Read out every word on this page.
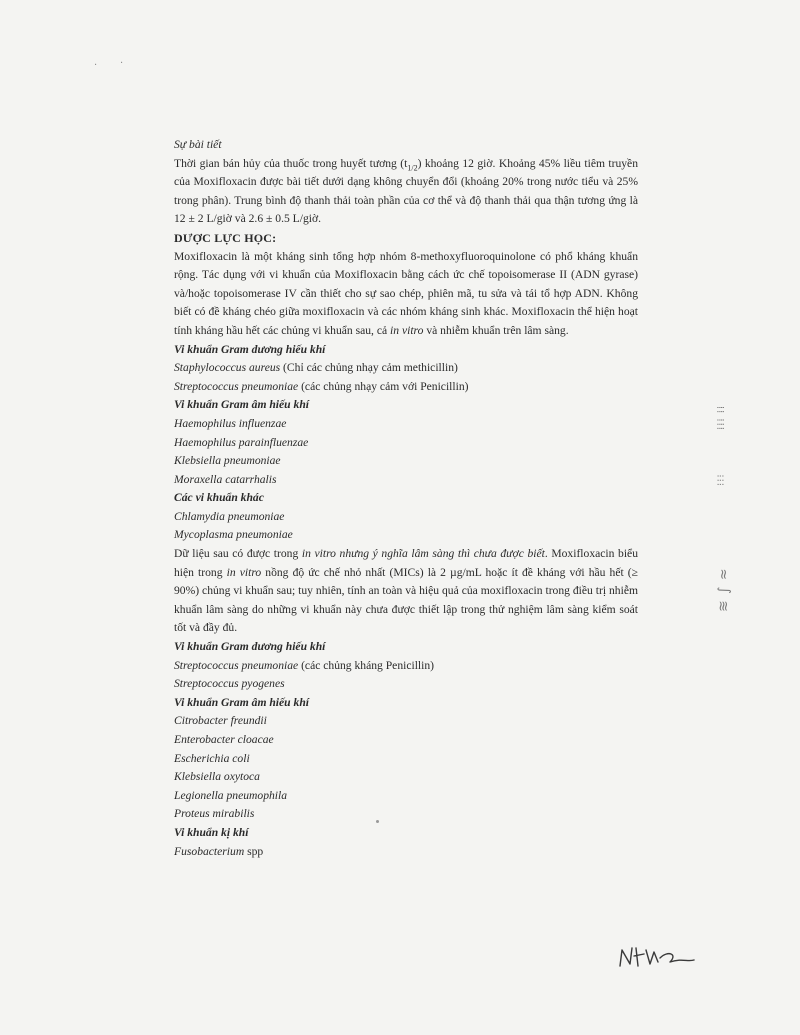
· ·
⁞⁞⁞ ⁞⁞
⁝⁝⁝
≋ ∫ ≈

Sự bài tiết

Thời gian bán hủy của thuốc trong huyết tương $(t_{1/2})$ khoảng 12 giờ. Khoảng 45% liều tiêm truyền của Moxifloxacin được bài tiết dưới dạng không chuyển đổi (khoảng 20% trong nước tiểu và 25% trong phân). Trung bình độ thanh thải toàn phần của cơ thể và độ thanh thải qua thận tương ứng là 12 ± 2 L/giờ và 2.6 ± 0.5 L/giờ.

DƯỢC LỰC HỌC:

Moxifloxacin là một kháng sinh tổng hợp nhóm 8-methoxyfluoroquinolone có phổ kháng khuẩn rộng. Tác dụng với vi khuẩn của Moxifloxacin bằng cách ức chế topoisomerase II (ADN gyrase) và/hoặc topoisomerase IV cần thiết cho sự sao chép, phiên mã, tu sửa và tái tổ hợp ADN. Không biết có đề kháng chéo giữa moxifloxacin và các nhóm kháng sinh khác. Moxifloxacin thể hiện hoạt tính kháng hầu hết các chủng vi khuẩn sau, cả in vitro và nhiễm khuẩn trên lâm sàng.

Vi khuẩn Gram dương hiếu khí

Staphylococcus aureus (Chỉ các chủng nhạy cảm methicillin)

Streptococcus pneumoniae (các chủng nhạy cảm với Penicillin)

Vi khuẩn Gram âm hiếu khí

Haemophilus influenzae

Haemophilus parainfluenzae

Klebsiella pneumoniae

Moraxella catarrhalis

Các vi khuẩn khác

Chlamydia pneumoniae

Mycoplasma pneumoniae

Dữ liệu sau có được trong in vitro nhưng ý nghĩa lâm sàng thì chưa được biết. Moxifloxacin biểu hiện trong in vitro nồng độ ức chế nhỏ nhất (MICs) là 2 µg/mL hoặc ít đề kháng với hầu hết (≥ 90%) chủng vi khuẩn sau; tuy nhiên, tính an toàn và hiệu quả của moxifloxacin trong điều trị nhiễm khuẩn lâm sàng do những vi khuẩn này chưa được thiết lập trong thử nghiệm lâm sàng kiểm soát tốt và đầy đủ.

Vi khuẩn Gram dương hiếu khí

Streptococcus pneumoniae (các chủng kháng Penicillin)

Streptococcus pyogenes

Vi khuẩn Gram âm hiếu khí

Citrobacter freundii

Enterobacter cloacae

Escherichia coli

Klebsiella oxytoca

Legionella pneumophila

Proteus mirabilis

Vi khuẩn kị khí

Fusobacterium spp
